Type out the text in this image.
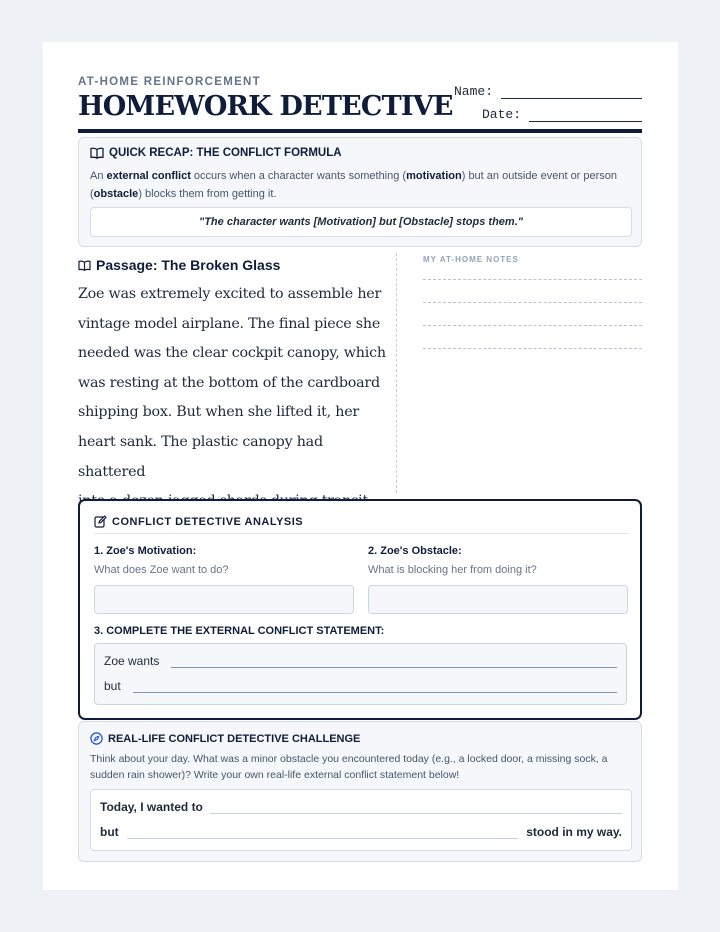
AT-HOME REINFORCEMENT
HOMEWORK DETECTIVE Name:
Date:
QUICK RECAP: THE CONFLICT FORMULA
An external conflict occurs when a character wants something (motivation) but an outside event or person (obstacle) blocks them from getting it.
"The character wants [Motivation] but [Obstacle] stops them."
Passage: The Broken Glass
Zoe was extremely excited to assemble her
vintage model airplane. The final piece she
needed was the clear cockpit canopy, which
was resting at the bottom of the cardboard
shipping box. But when she lifted it, her
heart sank. The plastic canopy had shattered
MY AT-HOME NOTES
CONFLICT DETECTIVE ANALYSIS
1. Zoe's Motivation:
What does Zoe want to do?
2. Zoe's Obstacle:
What is blocking her from doing it?
3. COMPLETE THE EXTERNAL CONFLICT STATEMENT:
Zoe wants
but
REAL-LIFE CONFLICT DETECTIVE CHALLENGE
Think about your day. What was a minor obstacle you encountered today (e.g., a locked door, a missing sock, a sudden rain shower)? Write your own real-life external conflict statement below!
Today, I wanted to
but	stood in my way.
